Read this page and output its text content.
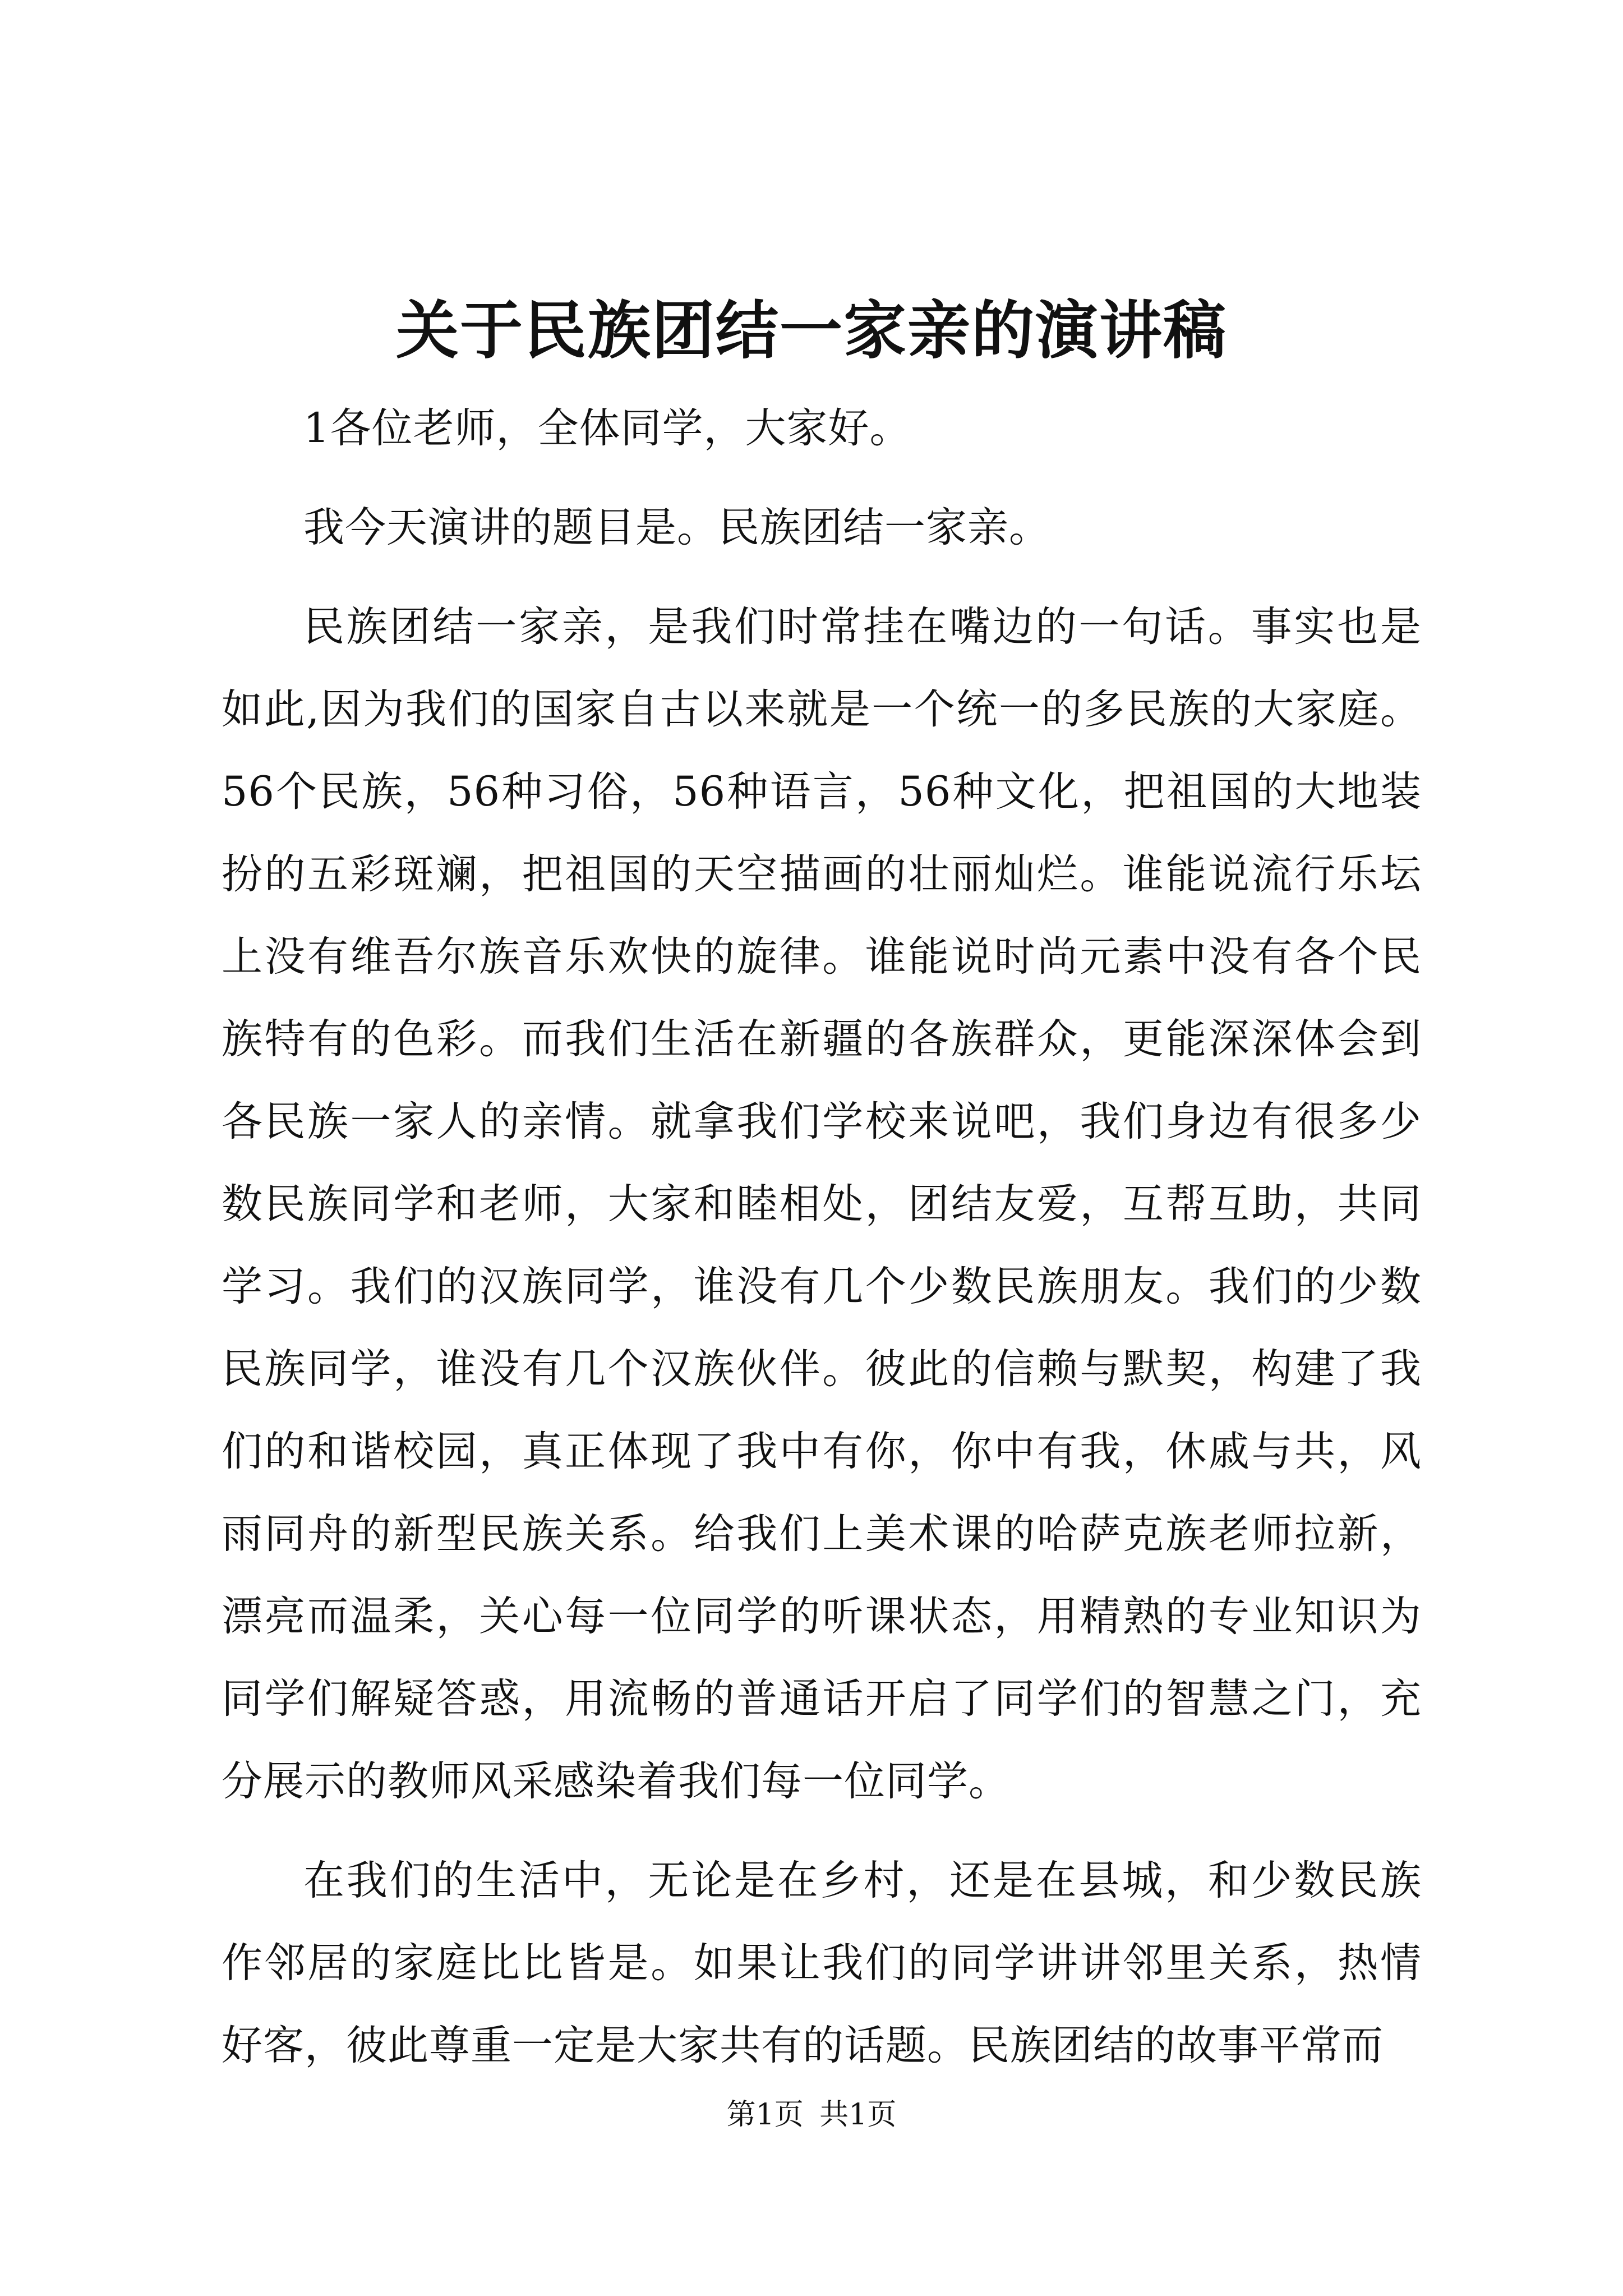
关于民族团结一家亲的演讲稿

1各位老师，全体同学，大家好。

我今天演讲的题目是。民族团结一家亲。

民族团结一家亲，是我们时常挂在嘴边的一句话。事实也是如此,因为我们的国家自古以来就是一个统一的多民族的大家庭。56个民族，56种习俗，56种语言，56种文化，把祖国的大地装扮的五彩斑斓，把祖国的天空描画的壮丽灿烂。谁能说流行乐坛上没有维吾尔族音乐欢快的旋律。谁能说时尚元素中没有各个民族特有的色彩。而我们生活在新疆的各族群众，更能深深体会到各民族一家人的亲情。就拿我们学校来说吧，我们身边有很多少数民族同学和老师，大家和睦相处，团结友爱，互帮互助，共同学习。我们的汉族同学，谁没有几个少数民族朋友。我们的少数民族同学，谁没有几个汉族伙伴。彼此的信赖与默契，构建了我们的和谐校园，真正体现了我中有你，你中有我，休戚与共，风雨同舟的新型民族关系。给我们上美术课的哈萨克族老师拉新，漂亮而温柔，关心每一位同学的听课状态，用精熟的专业知识为同学们解疑答惑，用流畅的普通话开启了同学们的智慧之门，充分展示的教师风采感染着我们每一位同学。

在我们的生活中，无论是在乡村，还是在县城，和少数民族作邻居的家庭比比皆是。如果让我们的同学讲讲邻里关系，热情好客，彼此尊重一定是大家共有的话题。民族团结的故事平常而

第1页 共1页
